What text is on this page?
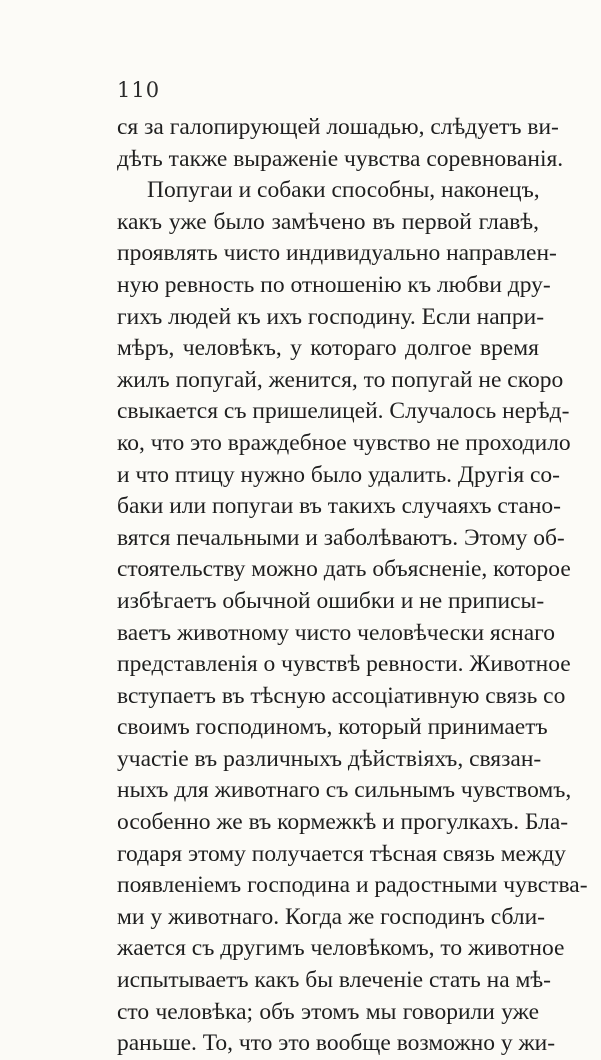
110
ся за галопирующей лошадью, слѣдуетъ ви-
дѣть также выраженіе чувства соревнованія.
Попугаи и собаки способны, наконецъ,
какъ уже было замѣчено въ первой главѣ,
проявлять чисто индивидуально направлен-
ную ревность по отношенію къ любви дру-
гихъ людей къ ихъ господину. Если напри-
мѣръ, человѣкъ, у котораго долгое время
жилъ попугай, женится, то попугай не скоро
свыкается съ пришелицей. Случалось нерѣд-
ко, что это враждебное чувство не проходило
и что птицу нужно было удалить. Другія со-
баки или попугаи въ такихъ случаяхъ стано-
вятся печальными и заболѣваютъ. Этому об-
стоятельству можно дать объясненіе, которое
избѣгаетъ обычной ошибки и не приписы-
ваетъ животному чисто человѣчески яснаго
представленія о чувствѣ ревности. Животное
вступаетъ въ тѣсную ассоціативную связь со
своимъ господиномъ, который принимаетъ
участіе въ различныхъ дѣйствіяхъ, связан-
ныхъ для животнаго съ сильнымъ чувствомъ,
особенно же въ кормежкѣ и прогулкахъ. Бла-
годаря этому получается тѣсная связь между
появленіемъ господина и радостными чувства-
ми у животнаго. Когда же господинъ сбли-
жается съ другимъ человѣкомъ, то животное
испытываетъ какъ бы влеченіе стать на мѣ-
сто человѣка; объ этомъ мы говорили уже
раньше. То, что это вообще возможно у жи-
